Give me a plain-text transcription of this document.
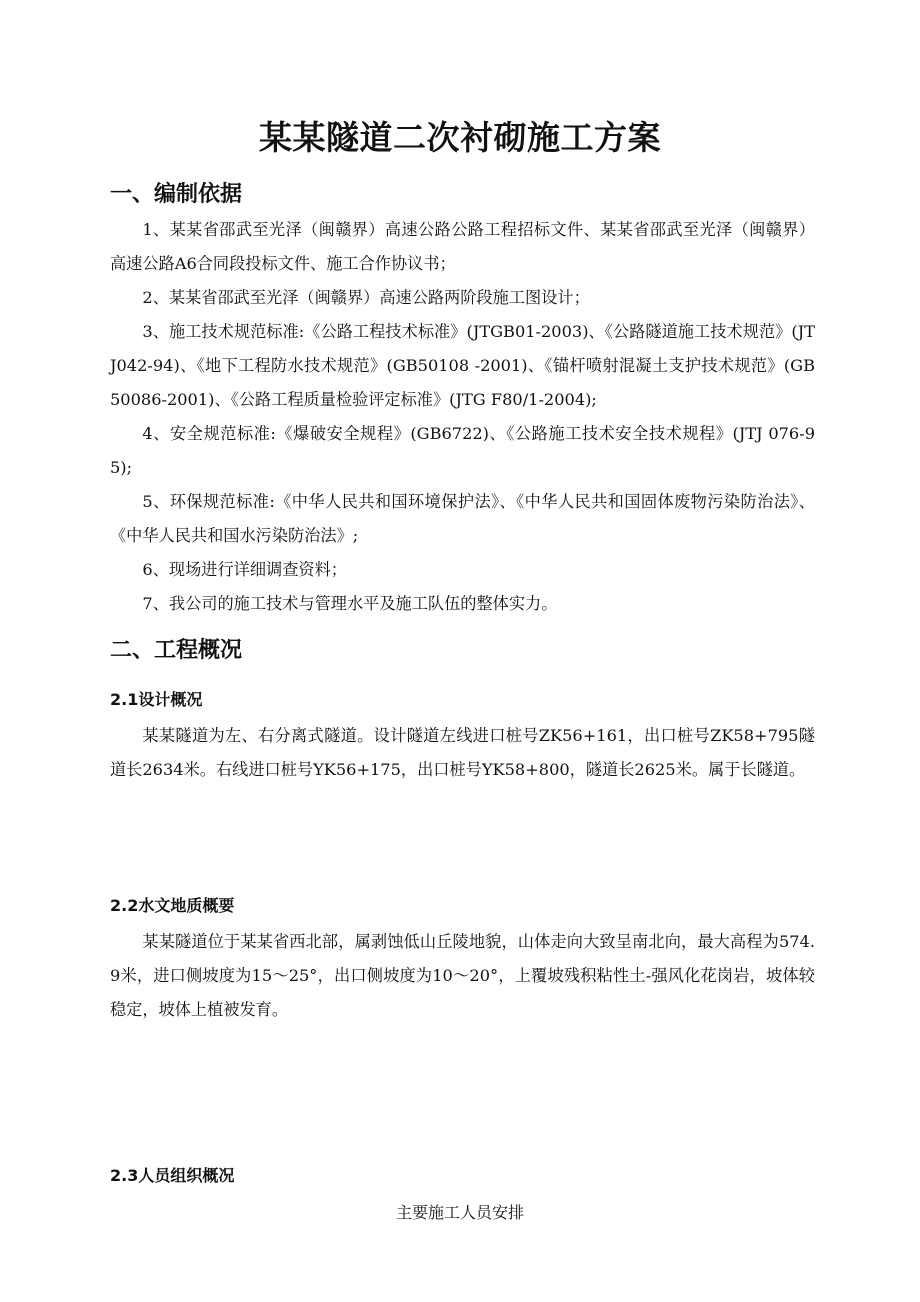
某某隧道二次衬砌施工方案
一、编制依据
1、某某省邵武至光泽（闽赣界）高速公路公路工程招标文件、某某省邵武至光泽（闽赣界）高速公路A6合同段投标文件、施工合作协议书；
2、某某省邵武至光泽（闽赣界）高速公路两阶段施工图设计；
3、施工技术规范标准:《公路工程技术标准》(JTGB01-2003)、《公路隧道施工技术规范》(JTJ042-94)、《地下工程防水技术规范》(GB50108 -2001)、《锚杆喷射混凝土支护技术规范》(GB50086-2001)、《公路工程质量检验评定标准》(JTG F80/1-2004);
4、安全规范标准:《爆破安全规程》(GB6722)、《公路施工技术安全技术规程》(JTJ 076-95);
5、环保规范标准:《中华人民共和国环境保护法》、《中华人民共和国固体废物污染防治法》、《中华人民共和国水污染防治法》;
6、现场进行详细调查资料；
7、我公司的施工技术与管理水平及施工队伍的整体实力。
二、工程概况
2.1设计概况
某某隧道为左、右分离式隧道。设计隧道左线进口桩号ZK56+161，出口桩号ZK58+795隧道长2634米。右线进口桩号YK56+175，出口桩号YK58+800，隧道长2625米。属于长隧道。
2.2水文地质概要
某某隧道位于某某省西北部，属剥蚀低山丘陵地貌，山体走向大致呈南北向，最大高程为574.9米，进口侧坡度为15～25°，出口侧坡度为10～20°，上覆坡残积粘性土-强风化花岗岩，坡体较稳定，坡体上植被发育。
2.3人员组织概况
主要施工人员安排
